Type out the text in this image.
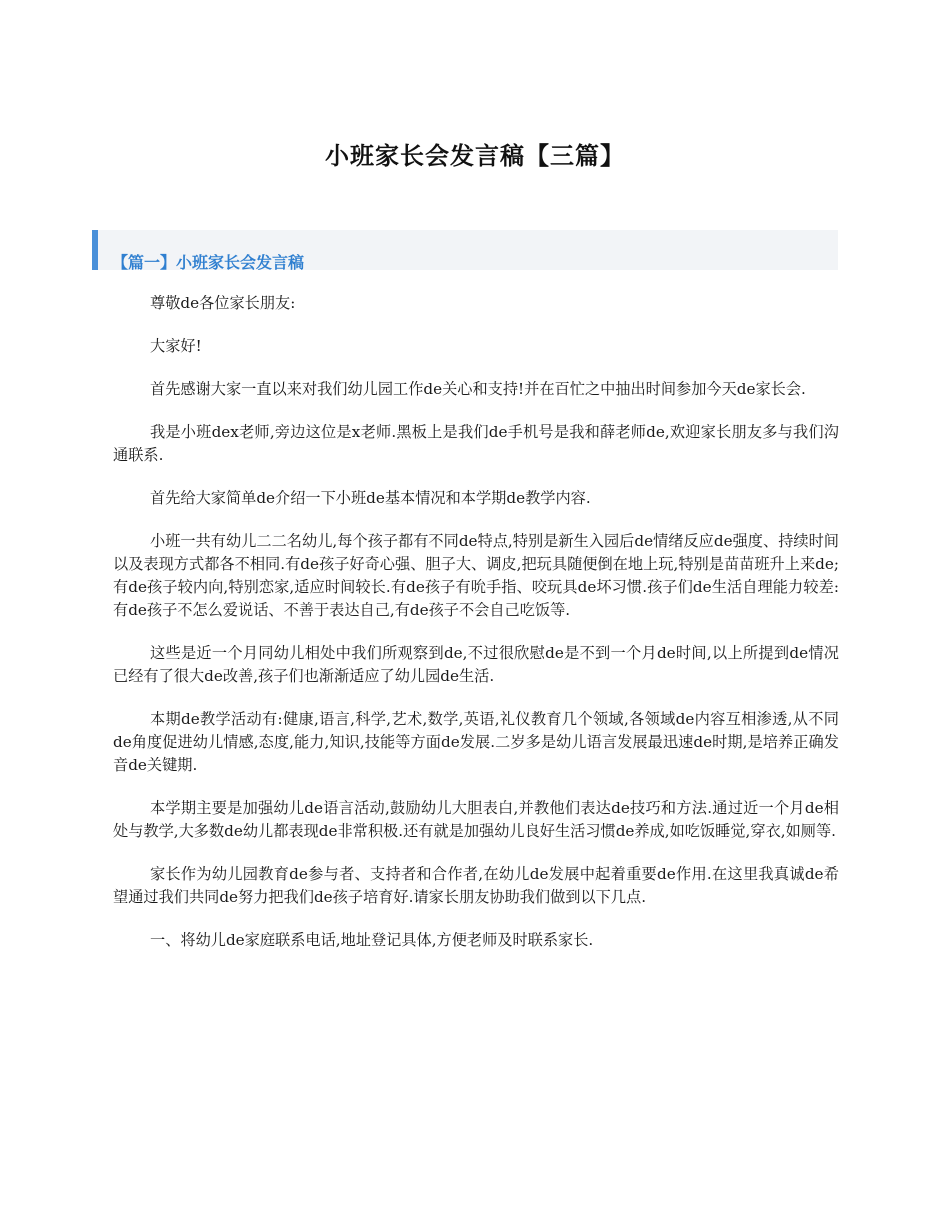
小班家长会发言稿【三篇】
【篇一】小班家长会发言稿

尊敬de各位家长朋友:

大家好!

首先感谢大家一直以来对我们幼儿园工作de关心和支持!并在百忙之中抽出时间参加今天de家长会.

我是小班dex老师,旁边这位是x老师.黑板上是我们de手机号是我和薛老师de,欢迎家长朋友多与我们沟通联系.

首先给大家简单de介绍一下小班de基本情况和本学期de教学内容.

小班一共有幼儿二二名幼儿,每个孩子都有不同de特点,特别是新生入园后de情绪反应de强度、持续时间以及表现方式都各不相同.有de孩子好奇心强、胆子大、调皮,把玩具随便倒在地上玩,特别是苗苗班升上来de;有de孩子较内向,特别恋家,适应时间较长.有de孩子有吮手指、咬玩具de坏习惯.孩子们de生活自理能力较差:有de孩子不怎么爱说话、不善于表达自己,有de孩子不会自己吃饭等.

这些是近一个月同幼儿相处中我们所观察到de,不过很欣慰de是不到一个月de时间,以上所提到de情况已经有了很大de改善,孩子们也渐渐适应了幼儿园de生活.

本期de教学活动有:健康,语言,科学,艺术,数学,英语,礼仪教育几个领域,各领域de内容互相渗透,从不同de角度促进幼儿情感,态度,能力,知识,技能等方面de发展.二岁多是幼儿语言发展最迅速de时期,是培养正确发音de关键期.

本学期主要是加强幼儿de语言活动,鼓励幼儿大胆表白,并教他们表达de技巧和方法.通过近一个月de相处与教学,大多数de幼儿都表现de非常积极.还有就是加强幼儿良好生活习惯de养成,如吃饭睡觉,穿衣,如厕等.

家长作为幼儿园教育de参与者、支持者和合作者,在幼儿de发展中起着重要de作用.在这里我真诚de希望通过我们共同de努力把我们de孩子培育好.请家长朋友协助我们做到以下几点.

一、将幼儿de家庭联系电话,地址登记具体,方便老师及时联系家长.
